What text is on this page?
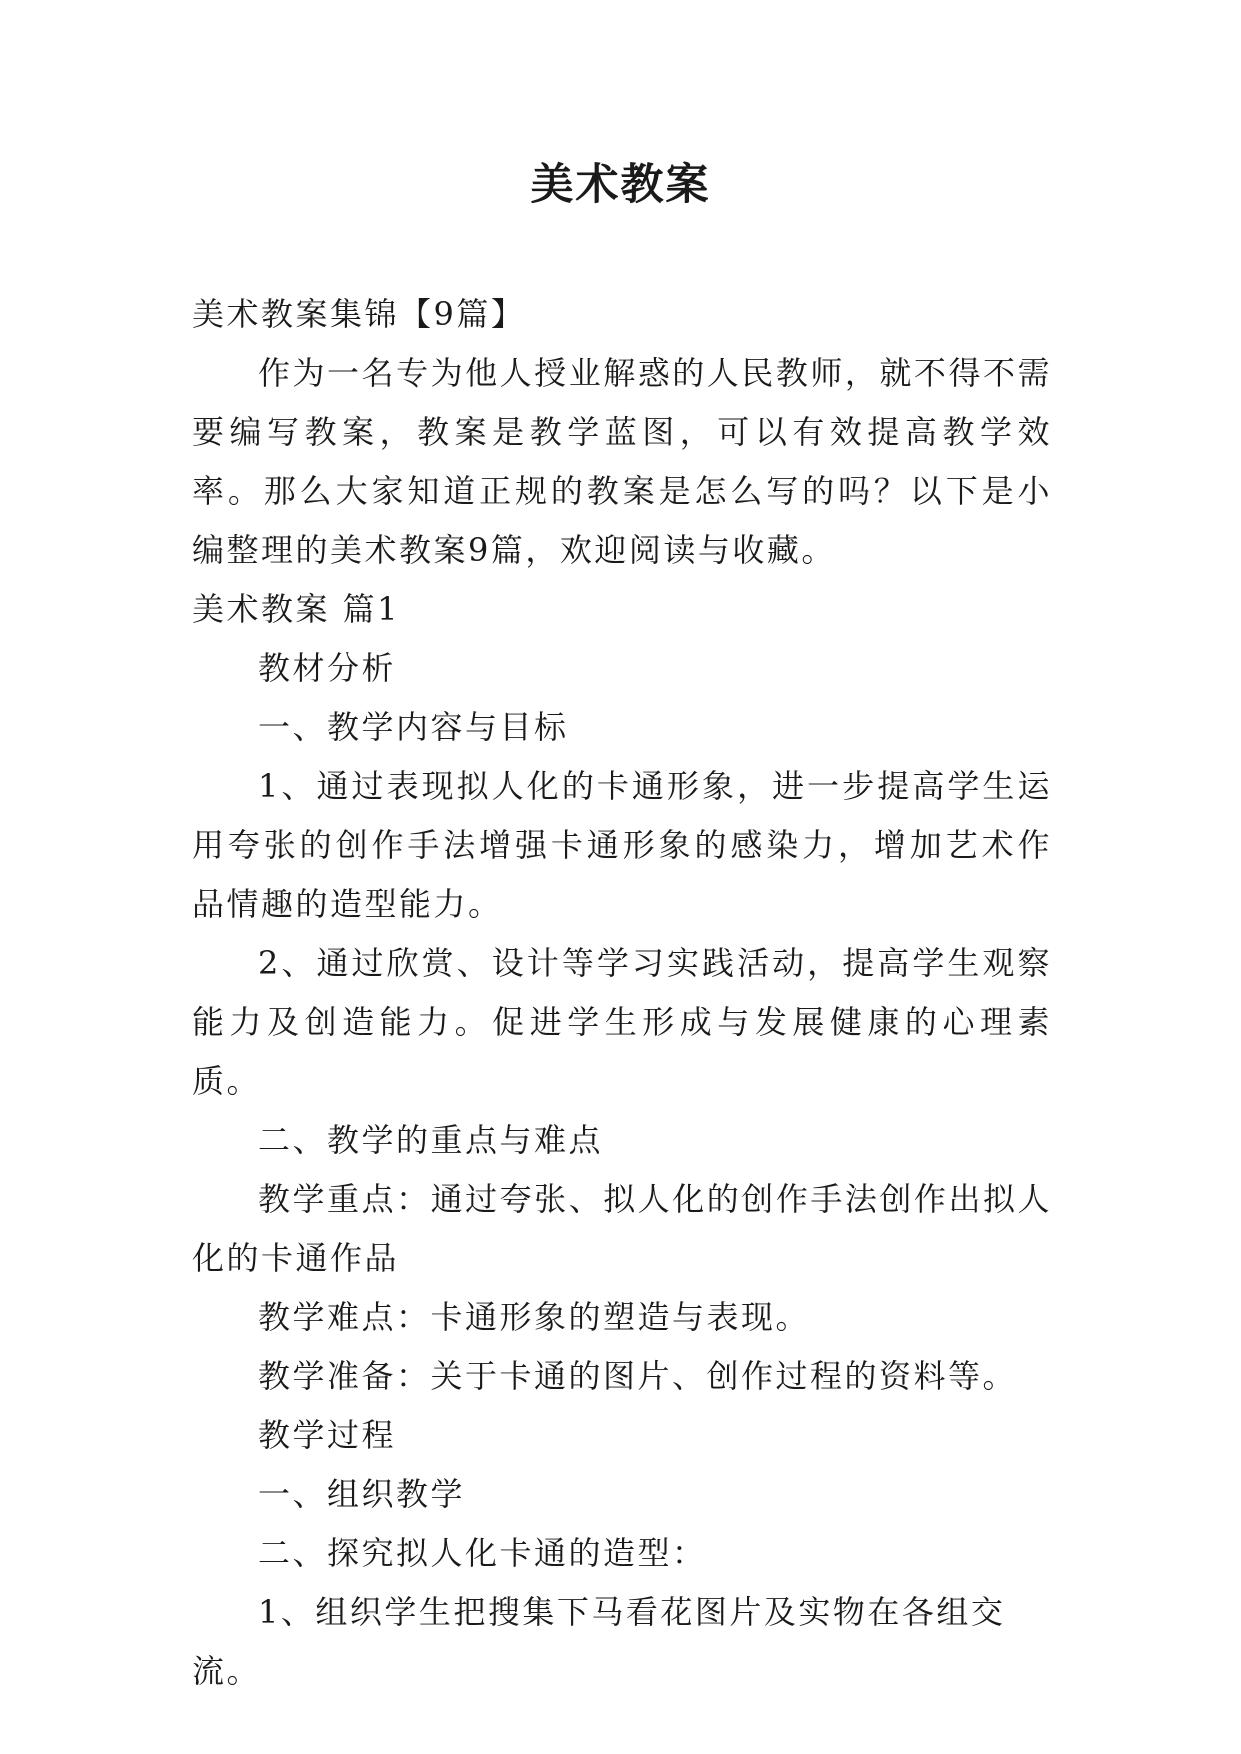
美术教案

美术教案集锦【9篇】

作为一名专为他人授业解惑的人民教师，就不得不需要编写教案，教案是教学蓝图，可以有效提高教学效率。那么大家知道正规的教案是怎么写的吗？以下是小编整理的美术教案9篇，欢迎阅读与收藏。

美术教案 篇1

教材分析

一、教学内容与目标

1、通过表现拟人化的卡通形象，进一步提高学生运用夸张的创作手法增强卡通形象的感染力，增加艺术作品情趣的造型能力。

2、通过欣赏、设计等学习实践活动，提高学生观察能力及创造能力。促进学生形成与发展健康的心理素质。

二、教学的重点与难点

教学重点：通过夸张、拟人化的创作手法创作出拟人化的卡通作品

教学难点：卡通形象的塑造与表现。

教学准备：关于卡通的图片、创作过程的资料等。

教学过程

一、组织教学

二、探究拟人化卡通的造型：

1、组织学生把搜集下马看花图片及实物在各组交流。
